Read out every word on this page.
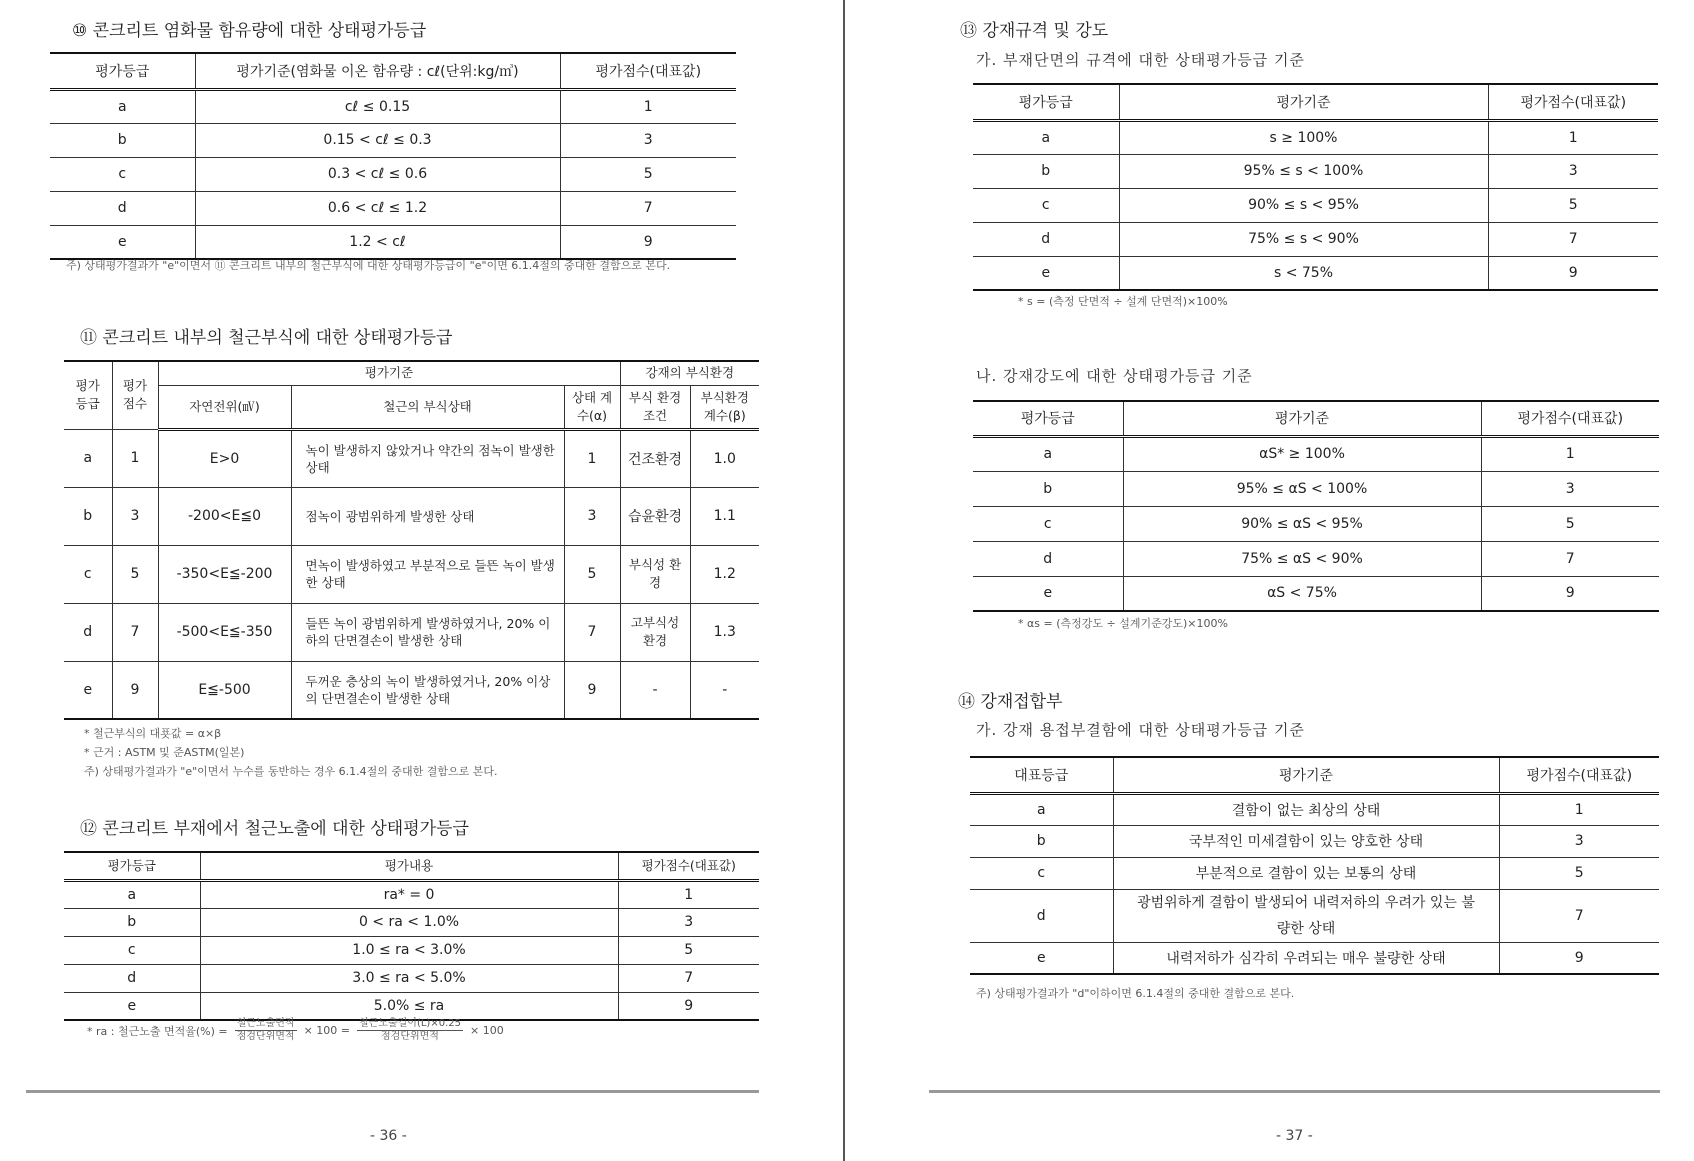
⑩ 콘크리트 염화물 함유량에 대한 상태평가등급
평가등급	평가기준(염화물 이온 함유량 : cℓ(단위:kg/㎥)	평가점수(대표값)
a	cℓ ≤ 0.15	1
b	0.15 < cℓ ≤ 0.3	3
c	0.3 < cℓ ≤ 0.6	5
d	0.6 < cℓ ≤ 1.2	7
e	1.2 < cℓ	9
주) 상태평가결과가 "e"이면서 ⑪ 콘크리트 내부의 철근부식에 대한 상태평가등급이 "e"이면 6.1.4절의 중대한 결함으로 본다.
⑪ 콘크리트 내부의 철근부식에 대한 상태평가등급
평가 등급	평가 점수	평가기준			강재의 부식환경	
		자연전위(㎷)	철근의 부식상태	상태 계수(α)	부식 환경조건	부식환경 계수(β)
a	1	E>0	녹이 발생하지 않았거나 약간의 점녹이 발생한 상태	1	건조환경	1.0
b	3	-200<E≦0	점녹이 광범위하게 발생한 상태	3	습윤환경	1.1
c	5	-350<E≦-200	면녹이 발생하였고 부분적으로 들뜬 녹이 발생한 상태	5	부식성 환경	1.2
d	7	-500<E≦-350	들뜬 녹이 광범위하게 발생하였거나, 20% 이하의 단면결손이 발생한 상태	7	고부식성 환경	1.3
e	9	E≦-500	두꺼운 층상의 녹이 발생하였거나, 20% 이상의 단면결손이 발생한 상태	9	-	-
* 철근부식의 대푯값 = α×β
* 근거 : ASTM 및 준ASTM(일본)
주) 상태평가결과가 "e"이면서 누수를 동반하는 경우 6.1.4절의 중대한 결함으로 본다.
⑫ 콘크리트 부재에서 철근노출에 대한 상태평가등급
평가등급	평가내용	평가점수(대표값)
a	ra* = 0	1
b	0 < ra < 1.0%	3
c	1.0 ≤ ra < 3.0%	5
d	3.0 ≤ ra < 5.0%	7
e	5.0% ≤ ra	9
* ra : 철근노출 면적율(%) = $\frac{\text{철근노출면적}}{\text{점검단위면적}} \times 100 = \frac{\text{철근노출길이(L)×0.25}}{\text{점검단위면적}} \times 100$
- 36 -
⑬ 강재규격 및 강도
가. 부재단면의 규격에 대한 상태평가등급 기준
평가등급	평가기준	평가점수(대표값)
a	s ≥ 100%	1
b	95% ≤ s < 100%	3
c	90% ≤ s < 95%	5
d	75% ≤ s < 90%	7
e	s < 75%	9
* s = (측정 단면적 ÷ 설계 단면적)×100%
나. 강재강도에 대한 상태평가등급 기준
평가등급	평가기준	평가점수(대표값)
a	αS* ≥ 100%	1
b	95% ≤ αS < 100%	3
c	90% ≤ αS < 95%	5
d	75% ≤ αS < 90%	7
e	αS < 75%	9
* αs = (측정강도 ÷ 설계기준강도)×100%
⑭ 강재접합부
가. 강재 용접부결함에 대한 상태평가등급 기준
대표등급	평가기준	평가점수(대표값)
a	결함이 없는 최상의 상태	1
b	국부적인 미세결함이 있는 양호한 상태	3
c	부분적으로 결함이 있는 보통의 상태	5
d	광범위하게 결함이 발생되어 내력저하의 우려가 있는 불량한 상태	7
e	내력저하가 심각히 우려되는 매우 불량한 상태	9
주) 상태평가결과가 "d"이하이면 6.1.4절의 중대한 결함으로 본다.
- 37 -
